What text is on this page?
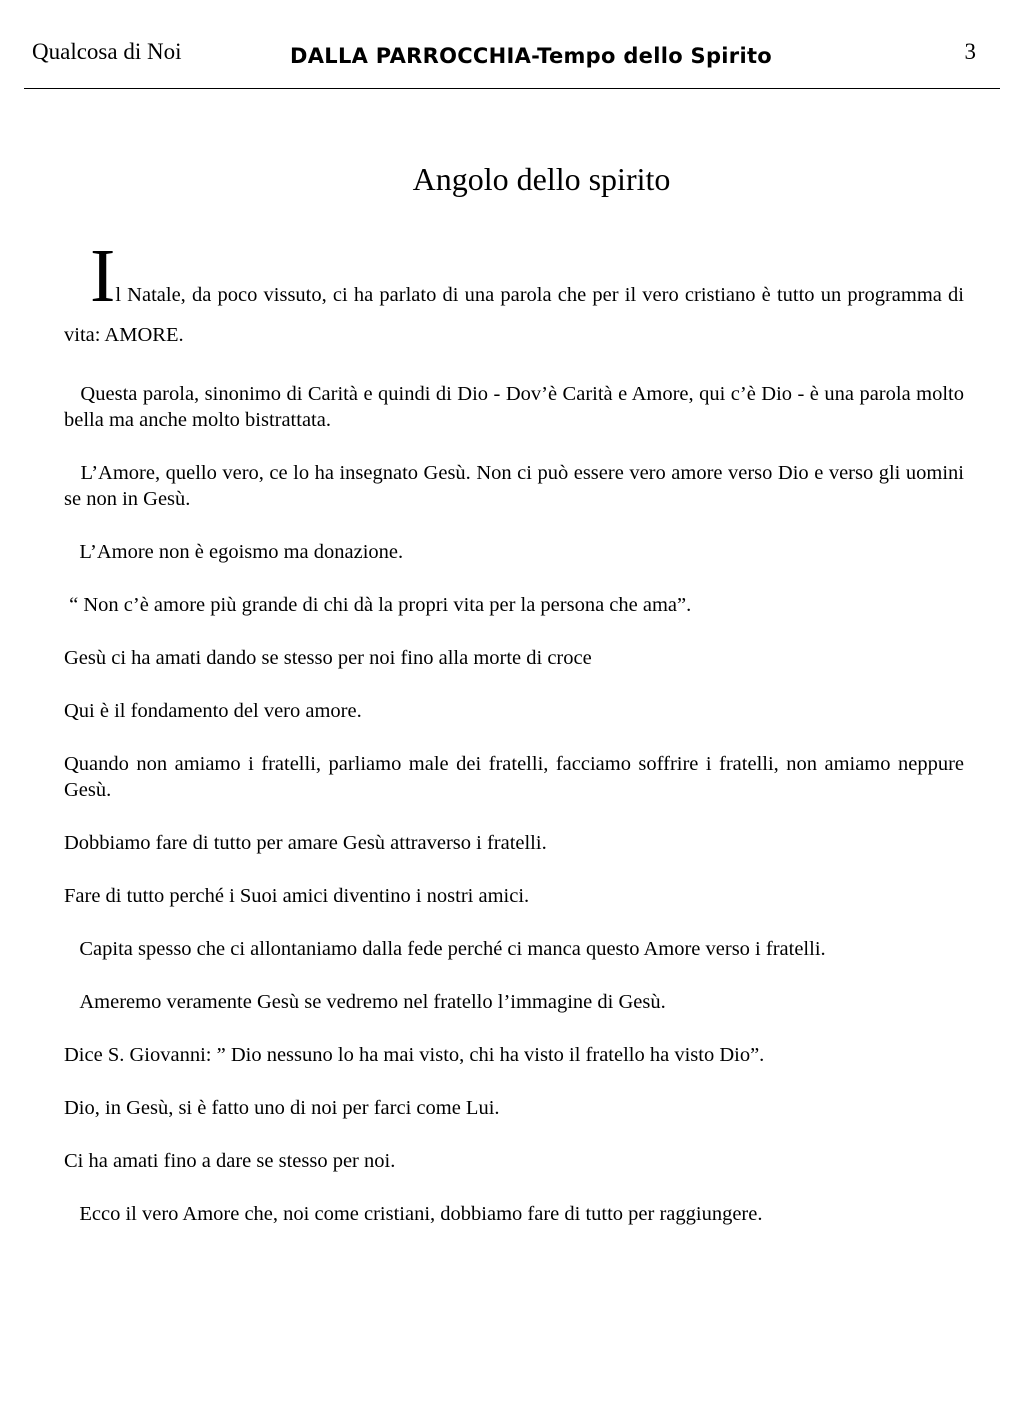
Qualcosa di Noi	DALLA PARROCCHIA-Tempo dello Spirito	3
Angolo dello spirito

Il Natale, da poco vissuto, ci ha parlato di una parola che per il vero cristiano è tutto un programma di vita: AMORE.

Questa parola, sinonimo di Carità e quindi di Dio - Dov’è Carità e Amore, qui c’è Dio - è una parola molto bella ma anche molto bistrattata.

L’Amore, quello vero, ce lo ha insegnato Gesù. Non ci può essere vero amore verso Dio e verso gli uomini se non in Gesù.

L’Amore non è egoismo ma donazione.

“ Non c’è amore più grande di chi dà la propri vita per la persona che ama”.

Gesù ci ha amati dando se stesso per noi fino alla morte di croce

Qui è il fondamento del vero amore.

Quando non amiamo i fratelli, parliamo male dei fratelli, facciamo soffrire i fratelli, non amiamo neppure Gesù.

Dobbiamo fare di tutto per amare Gesù attraverso i fratelli.

Fare di tutto perché i Suoi amici diventino i nostri amici.

Capita spesso che ci allontaniamo dalla fede perché ci manca questo Amore verso i fratelli.

Ameremo veramente Gesù se vedremo nel fratello l’immagine di Gesù.

Dice S. Giovanni: ” Dio nessuno lo ha mai visto, chi ha visto il fratello ha visto Dio”.

Dio, in Gesù, si è fatto uno di noi per farci come Lui.

Ci ha amati fino a dare se stesso per noi.

Ecco il vero Amore che, noi come cristiani, dobbiamo fare di tutto per raggiungere.
